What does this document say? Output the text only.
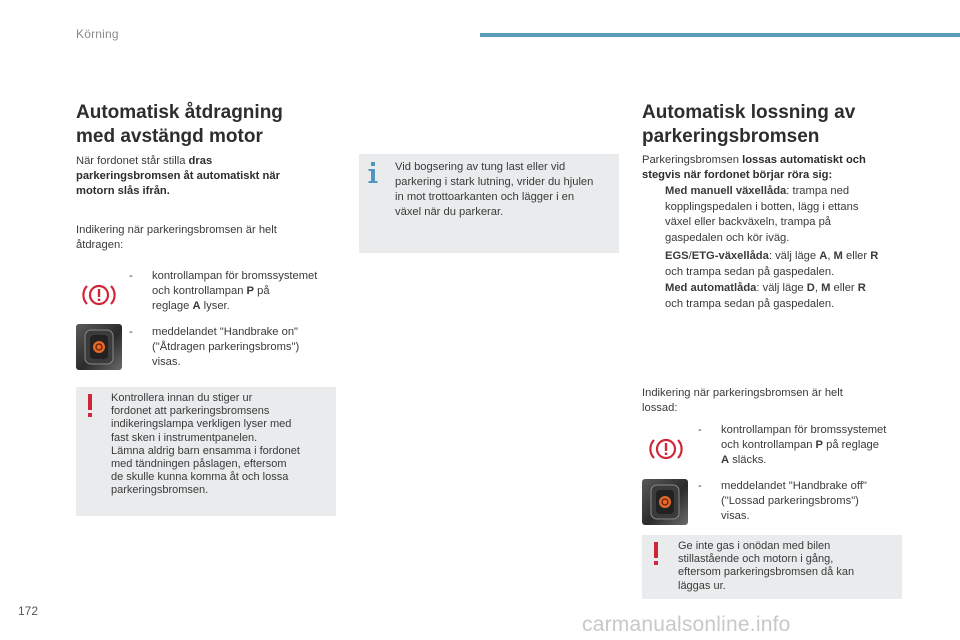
Körning
Automatisk åtdragning
med avstängd motor
När fordonet står stilla dras
parkeringsbromsen åt automatiskt när
motorn slås ifrån.
Indikering när parkeringsbromsen är helt
åtdragen:
- kontrollampan för bromssystemet
och kontrollampan P på
reglage A lyser.
- meddelandet "Handbrake on"
("Åtdragen parkeringsbroms")
visas.
Kontrollera innan du stiger ur
fordonet att parkeringsbromsens
indikeringslampa verkligen lyser med
fast sken i instrumentpanelen.
Lämna aldrig barn ensamma i fordonet
med tändningen påslagen, eftersom
de skulle kunna komma åt och lossa
parkeringsbromsen.
Vid bogsering av tung last eller vid
parkering i stark lutning, vrider du hjulen
in mot trottoarkanten och lägger i en
växel när du parkerar.
Automatisk lossning av
parkeringsbromsen
Parkeringsbromsen lossas automatiskt och
stegvis när fordonet börjar röra sig:
Med manuell växellåda: trampa ned
kopplingspedalen i botten, lägg i ettans
växel eller backväxeln, trampa på
gaspedalen och kör iväg.
EGS/ETG-växellåda: välj läge A, M eller R
och trampa sedan på gaspedalen.
Med automatlåda: välj läge D, M eller R
och trampa sedan på gaspedalen.
Indikering när parkeringsbromsen är helt
lossad:
- kontrollampan för bromssystemet
och kontrollampan P på reglage
A släcks.
- meddelandet "Handbrake off"
("Lossad parkeringsbroms")
visas.
Ge inte gas i onödan med bilen
stillastående och motorn i gång,
eftersom parkeringsbromsen då kan
läggas ur.
172
carmanualsonline.info
